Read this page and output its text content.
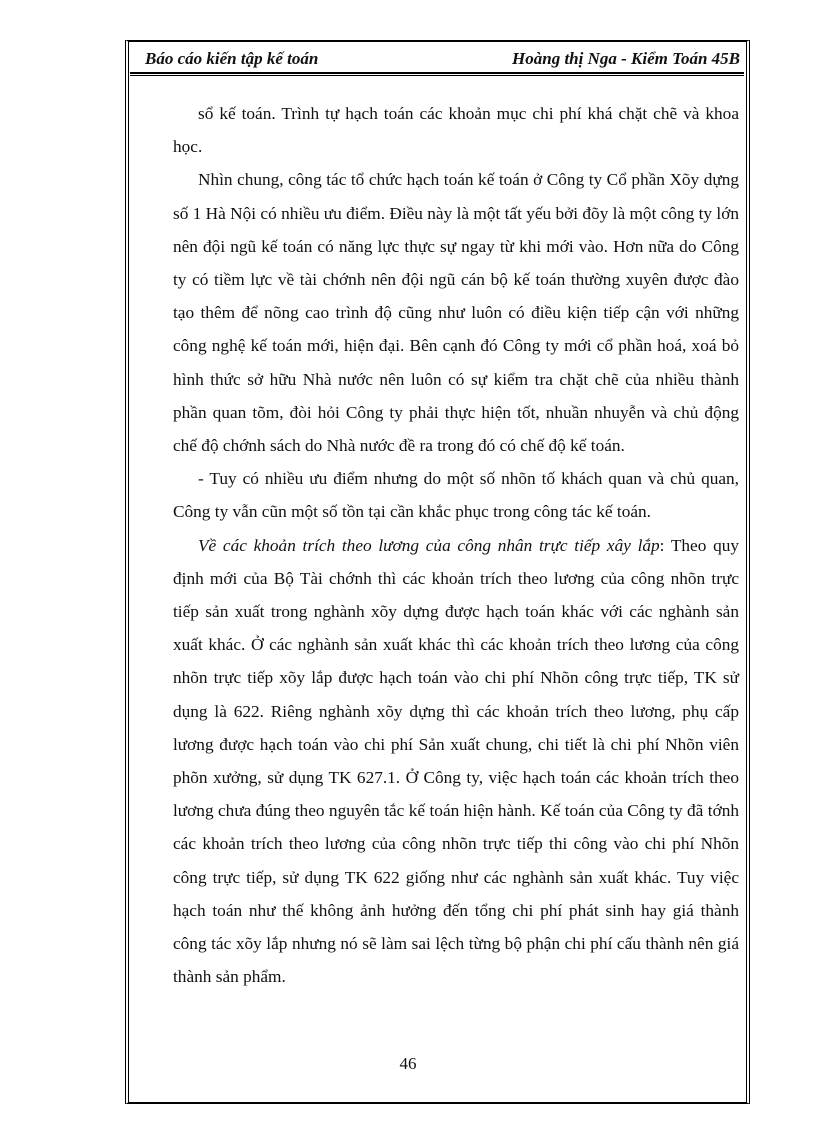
Báo cáo kiến tập kế toán	Hoàng thị Nga - Kiểm Toán 45B

sổ kế toán. Trình tự hạch toán các khoản mục chi phí khá chặt chẽ và khoa học.

Nhìn chung, công tác tổ chức hạch toán kế toán ở Công ty Cổ phần Xõy dựng số 1 Hà Nội có nhiều ưu điểm. Điều này là một tất yếu bởi đõy là một công ty lớn nên đội ngũ kế toán có năng lực thực sự ngay từ khi mới vào. Hơn nữa do Công ty có tiềm lực về tài chớnh nên đội ngũ cán bộ kế toán thường xuyên được đào tạo thêm để nõng cao trình độ cũng như luôn có điều kiện tiếp cận với những công nghệ kế toán mới, hiện đại. Bên cạnh đó Công ty mới cổ phần hoá, xoá bỏ hình thức sở hữu Nhà nước nên luôn có sự kiểm tra chặt chẽ của nhiều thành phần quan tõm, đòi hỏi Công ty phải thực hiện tốt, nhuần nhuyễn và chủ động chế độ chớnh sách do Nhà nước đề ra trong đó có chế độ kế toán.

- Tuy có nhiều ưu điểm nhưng do một số nhõn tố khách quan và chủ quan, Công ty vẫn cũn một số tồn tại cần khắc phục trong công tác kế toán.

Về các khoản trích theo lương của công nhân trực tiếp xây lắp: Theo quy định mới của Bộ Tài chớnh thì các khoản trích theo lương của công nhõn trực tiếp sản xuất trong nghành xõy dựng được hạch toán khác với các nghành sản xuất khác. Ở các nghành sản xuất khác thì các khoản trích theo lương của công nhõn trực tiếp xõy lắp được hạch toán vào chi phí Nhõn công trực tiếp, TK sử dụng là 622. Riêng nghành xõy dựng thì các khoản trích theo lương, phụ cấp lương được hạch toán vào chi phí Sản xuất chung, chi tiết là chi phí Nhõn viên phõn xưởng, sử dụng TK 627.1. Ở Công ty, việc hạch toán các khoản trích theo lương chưa đúng theo nguyên tắc kế toán hiện hành. Kế toán của Công ty đã tớnh các khoản trích theo lương của công nhõn trực tiếp thi công vào chi phí Nhõn công trực tiếp, sử dụng TK 622 giống như các nghành sản xuất khác. Tuy việc hạch toán như thế không ảnh hưởng đến tổng chi phí phát sinh hay giá thành công tác xõy lắp nhưng nó sẽ làm sai lệch từng bộ phận chi phí cấu thành nên giá thành sản phẩm.

46
